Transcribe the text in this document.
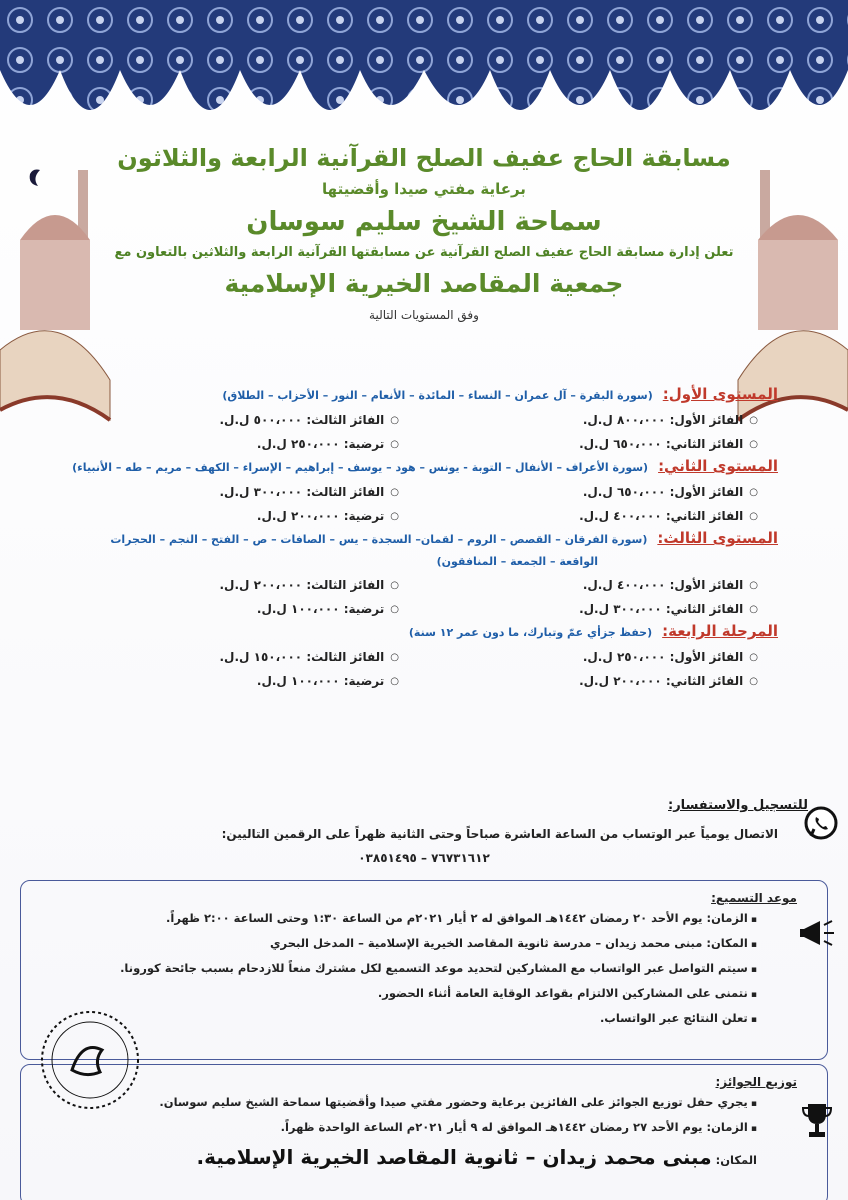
مسابقة الحاج عفيف الصلح القرآنية الرابعة والثلاثون
برعاية مفتي صيدا وأقضيتها
سماحة الشيخ سليم سوسان
تعلن إدارة مسابقة الحاج عفيف الصلح القرآنية عن مسابقتها القرآنية الرابعة والثلاثين بالتعاون مع
جمعية المقاصد الخيرية الإسلامية
وفق المستويات التالية
المستوى الأول:
(سورة البقرة – آل عمران – النساء – المائدة – الأنعام – النور – الأحزاب – الطلاق)
○ الفائز الأول: ٨٠٠،٠٠٠ ل.ل.
○ الفائز الثالث: ٥٠٠،٠٠٠ ل.ل.
○ الفائز الثاني: ٦٥٠،٠٠٠ ل.ل.
○ ترضية: ٢٥٠،٠٠٠ ل.ل.
المستوى الثاني:
(سورة الأعراف – الأنفال – التوبة - يونس – هود – يوسف – إبراهيم – الإسراء – الكهف – مريم – طه – الأنبياء)
○ الفائز الأول: ٦٥٠،٠٠٠ ل.ل.
○ الفائز الثالث: ٣٠٠،٠٠٠ ل.ل.
○ الفائز الثاني: ٤٠٠،٠٠٠ ل.ل.
○ ترضية: ٢٠٠،٠٠٠ ل.ل.
المستوى الثالث:
(سورة الفرقان – القصص – الروم – لقمان– السجدة – يس – الصافات – ص – الفتح – النجم – الحجرات
الواقعة – الجمعة – المنافقون)
○ الفائز الأول: ٤٠٠،٠٠٠ ل.ل.
○ الفائز الثالث: ٢٠٠،٠٠٠ ل.ل.
○ الفائز الثاني: ٣٠٠،٠٠٠ ل.ل.
○ ترضية: ١٠٠،٠٠٠ ل.ل.
المرحلة الرابعة:
(حفظ جزأي عمّ وتبارك، ما دون عمر ١٢ سنة)
○ الفائز الأول: ٢٥٠،٠٠٠ ل.ل.
○ الفائز الثالث: ١٥٠،٠٠٠ ل.ل.
○ الفائز الثاني: ٢٠٠،٠٠٠ ل.ل.
○ ترضية: ١٠٠،٠٠٠ ل.ل.
للتسجيل والاستفسار:
الاتصال يومياً عبر الوتساب من الساعة العاشرة صباحاً وحتى الثانية ظهراً على الرقمين التاليين:
٧٦٧٣١٦١٢ – ٠٣٨٥١٤٩٥
موعد التسميع:
▪ الزمان: يوم الأحد ٢٠ رمضان ١٤٤٢هـ الموافق له ٢ أيار ٢٠٢١م من الساعة ١:٣٠ وحتى الساعة ٢:٠٠ ظهراً.
▪ المكان: مبنى محمد زيدان – مدرسة ثانوية المقاصد الخيرية الإسلامية – المدخل البحري
▪ سيتم التواصل عبر الواتساب مع المشاركين لتحديد موعد التسميع لكل مشترك منعاً للازدحام بسبب جائحة كورونا.
▪ نتمنى على المشاركين الالتزام بقواعد الوقاية العامة أثناء الحضور.
▪ تعلن النتائج عبر الواتساب.
توزيع الجوائز:
▪ يجري حفل توزيع الجوائز على الفائزين برعاية وحضور مفتي صيدا وأقضيتها سماحة الشيخ سليم سوسان.
▪ الزمان: يوم الأحد ٢٧ رمضان ١٤٤٢هـ الموافق له ٩ أيار ٢٠٢١م الساعة الواحدة ظهراً.
المكان: مبنى محمد زيدان – ثانوية المقاصد الخيرية الإسلامية.
